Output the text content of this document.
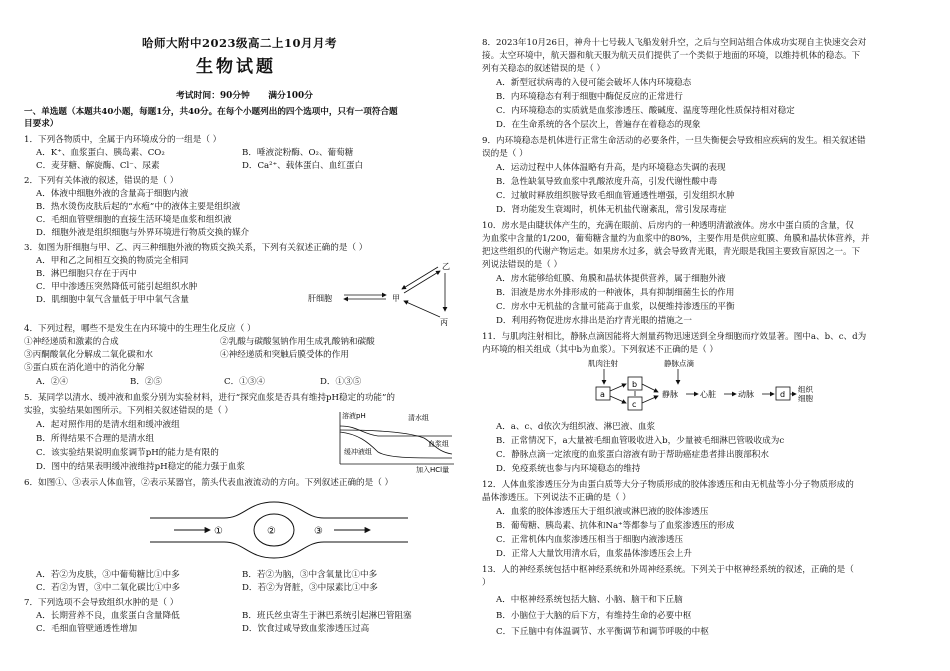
哈师大附中2023级高二上10月月考
生物试题
考试时间：90分钟      满分100分
一、单选题（本题共40小题，每题1分，共40分。在每个小题列出的四个选项中，只有一项符合题
目要求）
1．下列各物质中，全属于内环境成分的一组是（ ）
A．K⁺、血浆蛋白、胰岛素、CO₂	B．唾液淀粉酶、O₂、葡萄糖
C．麦芽糖、解旋酶、Cl⁻、尿素	D．Ca²⁺、载体蛋白、血红蛋白
2．下列有关体液的叙述，错误的是（ ）
A．体液中细胞外液的含量高于细胞内液
B．热水烫伤皮肤后起的“水疱”中的液体主要是组织液
C．毛细血管壁细胞的直接生活环境是血浆和组织液
D．细胞外液是组织细胞与外界环境进行物质交换的媒介
3．如图为肝细胞与甲、乙、丙三种细胞外液的物质交换关系，下列有关叙述正确的是（ ）
A．甲和乙之间相互交换的物质完全相同
B．淋巴细胞只存在于丙中
C．甲中渗透压突然降低可能引起组织水肿
D．肌细胞中氧气含量低于甲中氧气含量	肝细胞	甲
乙
丙
4．下列过程，哪些不是发生在内环境中的生理生化反应（ ）
①神经递质和激素的合成	②乳酸与碳酸氢钠作用生成乳酸钠和碳酸
③丙酮酸氧化分解成二氧化碳和水	④神经递质和突触后膜受体的作用
⑤蛋白质在消化道中的消化分解
A．②④	B．②⑤	C．①③④	D．①③⑤
5．某同学以清水、缓冲液和血浆分别为实验材料，进行“探究血浆是否具有维持pH稳定的功能”的
实验，实验结果如图所示。下列相关叙述错误的是（ ）
A．起对照作用的是清水组和缓冲液组
B．所得结果不合理的是清水组
C．该实验结果说明血浆调节pH的能力是有限的
D．图中的结果表明缓冲液维持pH稳定的能力强于血浆
溶液pH	清水组
血浆组
缓冲液组
加入HCl量
6．如图①、③表示人体血管，②表示某器官，箭头代表血液流动的方向。下列叙述正确的是（ ）
②
①	③
A．若②为皮肤，③中葡萄糖比①中多	B．若②为脑，③中含氧量比①中多
C．若②为胃，③中二氧化碳比①中多	D．若②为肾脏，③中尿素比①中多
7．下列选项不会导致组织水肿的是（ ）
A．长期营养不良，血浆蛋白含量降低	B．班氏丝虫寄生于淋巴系统引起淋巴管阻塞
C．毛细血管壁通透性增加	D．饮食过咸导致血浆渗透压过高
8．2023年10月26日，神舟十七号载人飞船发射升空，之后与空间站组合体成功实现自主快速交会对
接。太空环境中，航天器和航天服为航天员们提供了一个类似于地面的环境，以维持机体的稳态。下
列有关稳态的叙述错误的是（ ）
A．新型冠状病毒的入侵可能会破坏人体内环境稳态
B．内环境稳态有利于细胞中酶促反应的正常进行
C．内环境稳态的实质就是血浆渗透压、酸碱度、温度等理化性质保持相对稳定
D．在生命系统的各个层次上，普遍存在着稳态的现象
9．内环境稳态是机体进行正常生命活动的必要条件，一旦失衡便会导致相应疾病的发生。相关叙述错
误的是（ ）
A．运动过程中人体体温略有升高，是内环境稳态失调的表现
B．急性缺氧导致血浆中乳酸浓度升高，引发代谢性酸中毒
C．过敏时释放组织胺导致毛细血管通透性增强，引发组织水肿
D．肾功能发生衰竭时，机体无机盐代谢紊乱，常引发尿毒症
10．房水是由睫状体产生的，充满在眼前、后房内的一种透明清澈液体。房水中蛋白质的含量，仅
为血浆中含量的1/200，葡萄糖含量约为血浆中的80%，主要作用是供应虹膜、角膜和晶状体营养，并
把这些组织的代谢产物运走。如果房水过多，就会导致青光眼，青光眼是我国主要致盲原因之一。下
列说法错误的是（ ）
A．房水能够给虹膜、角膜和晶状体提供营养，属于细胞外液
B．泪液是房水外排形成的一种液体，具有抑制细菌生长的作用
C．房水中无机盐的含量可能高于血浆，以便维持渗透压的平衡
D．利用药物促进房水排出是治疗青光眼的措施之一
11．与肌肉注射相比，静脉点滴因能将大剂量药物迅速送到全身细胞而疗效显著。图中a、b、c、d为
内环境的相关组成（其中b为血浆）。下列叙述不正确的是（ ）
肌肉注射	静脉点滴
a
b
c
静脉	心脏	动脉	d
组织
细胞
A．a、c、d依次为组织液、淋巴液、血浆
B．正常情况下，a大量被毛细血管吸收进入b，少量被毛细淋巴管吸收成为c
C．静脉点滴一定浓度的血浆蛋白溶液有助于帮助癌症患者排出腹部积水
D．免疫系统也参与内环境稳态的维持
12．人体血浆渗透压分为由蛋白质等大分子物质形成的胶体渗透压和由无机盐等小分子物质形成的
晶体渗透压。下列说法不正确的是（ ）
A．血浆的胶体渗透压大于组织液或淋巴液的胶体渗透压
B．葡萄糖、胰岛素、抗体和Na⁺等都参与了血浆渗透压的形成
C．正常机体内血浆渗透压相当于细胞内液渗透压
D．正常人大量饮用清水后，血浆晶体渗透压会上升
13．人的神经系统包括中枢神经系统和外周神经系统。下列关于中枢神经系统的叙述，正确的是（
）
A．中枢神经系统包括大脑、小脑、脑干和下丘脑
B．小脑位于大脑的后下方，有维持生命的必要中枢
C．下丘脑中有体温调节、水平衡调节和调节呼吸的中枢
